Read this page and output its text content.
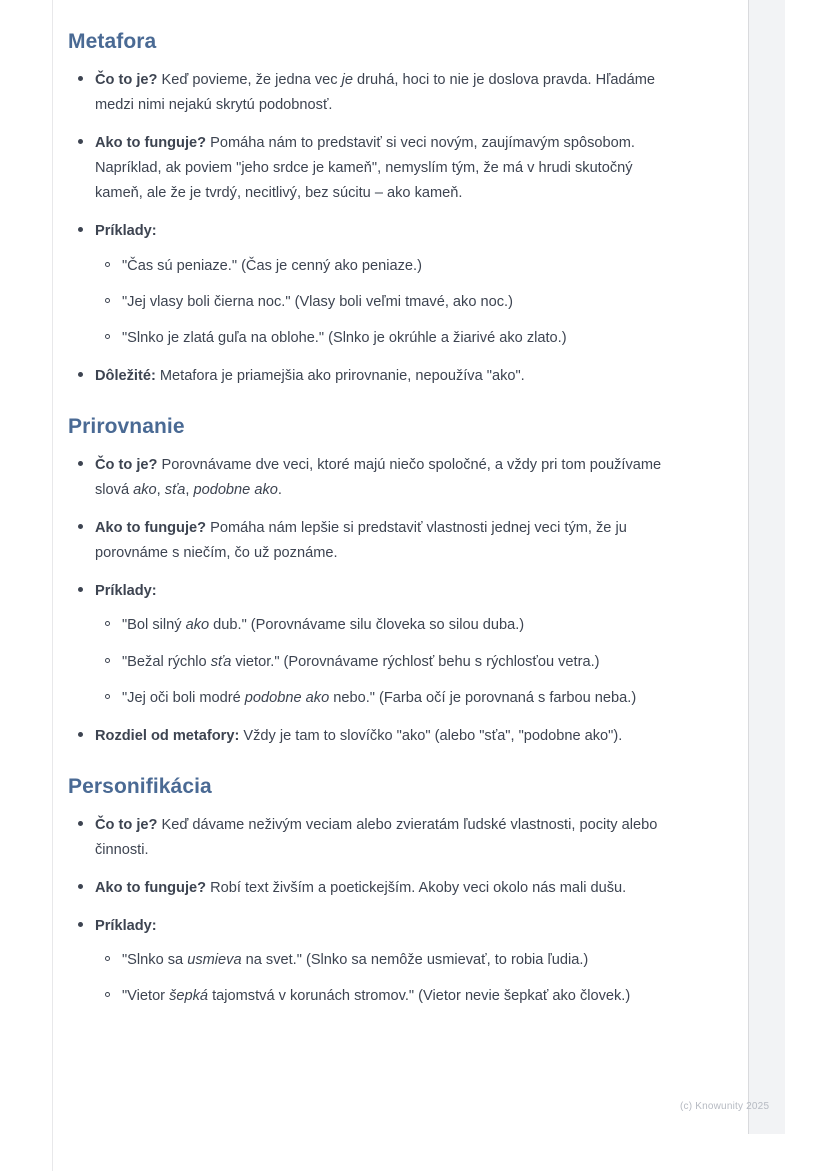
Metafora
Čo to je? Keď povieme, že jedna vec je druhá, hoci to nie je doslova pravda. Hľadáme medzi nimi nejakú skrytú podobnosť.
Ako to funguje? Pomáha nám to predstaviť si veci novým, zaujímavým spôsobom. Napríklad, ak poviem "jeho srdce je kameň", nemyslím tým, že má v hrudi skutočný kameň, ale že je tvrdý, necitlivý, bez súcitu – ako kameň.
Príklady:
"Čas sú peniaze." (Čas je cenný ako peniaze.)
"Jej vlasy boli čierna noc." (Vlasy boli veľmi tmavé, ako noc.)
"Slnko je zlatá guľa na oblohe." (Slnko je okrúhle a žiarivé ako zlato.)
Dôležité: Metafora je priamejšia ako prirovnanie, nepoužíva "ako".
Prirovnanie
Čo to je? Porovnávame dve veci, ktoré majú niečo spoločné, a vždy pri tom používame slová ako, sťa, podobne ako.
Ako to funguje? Pomáha nám lepšie si predstaviť vlastnosti jednej veci tým, že ju porovnáme s niečím, čo už poznáme.
Príklady:
"Bol silný ako dub." (Porovnávame silu človeka so silou duba.)
"Bežal rýchlo sťa vietor." (Porovnávame rýchlosť behu s rýchlosťou vetra.)
"Jej oči boli modré podobne ako nebo." (Farba očí je porovnaná s farbou neba.)
Rozdiel od metafory: Vždy je tam to slovíčko "ako" (alebo "sťa", "podobne ako").
Personifikácia
Čo to je? Keď dávame neživým veciam alebo zvieratám ľudské vlastnosti, pocity alebo činnosti.
Ako to funguje? Robí text živším a poetickejším. Akoby veci okolo nás mali dušu.
Príklady:
"Slnko sa usmieva na svet." (Slnko sa nemôže usmievať, to robia ľudia.)
"Vietor šepká tajomstvá v korunách stromov." (Vietor nevie šepkať ako človek.)
(c) Knowunity 2025
